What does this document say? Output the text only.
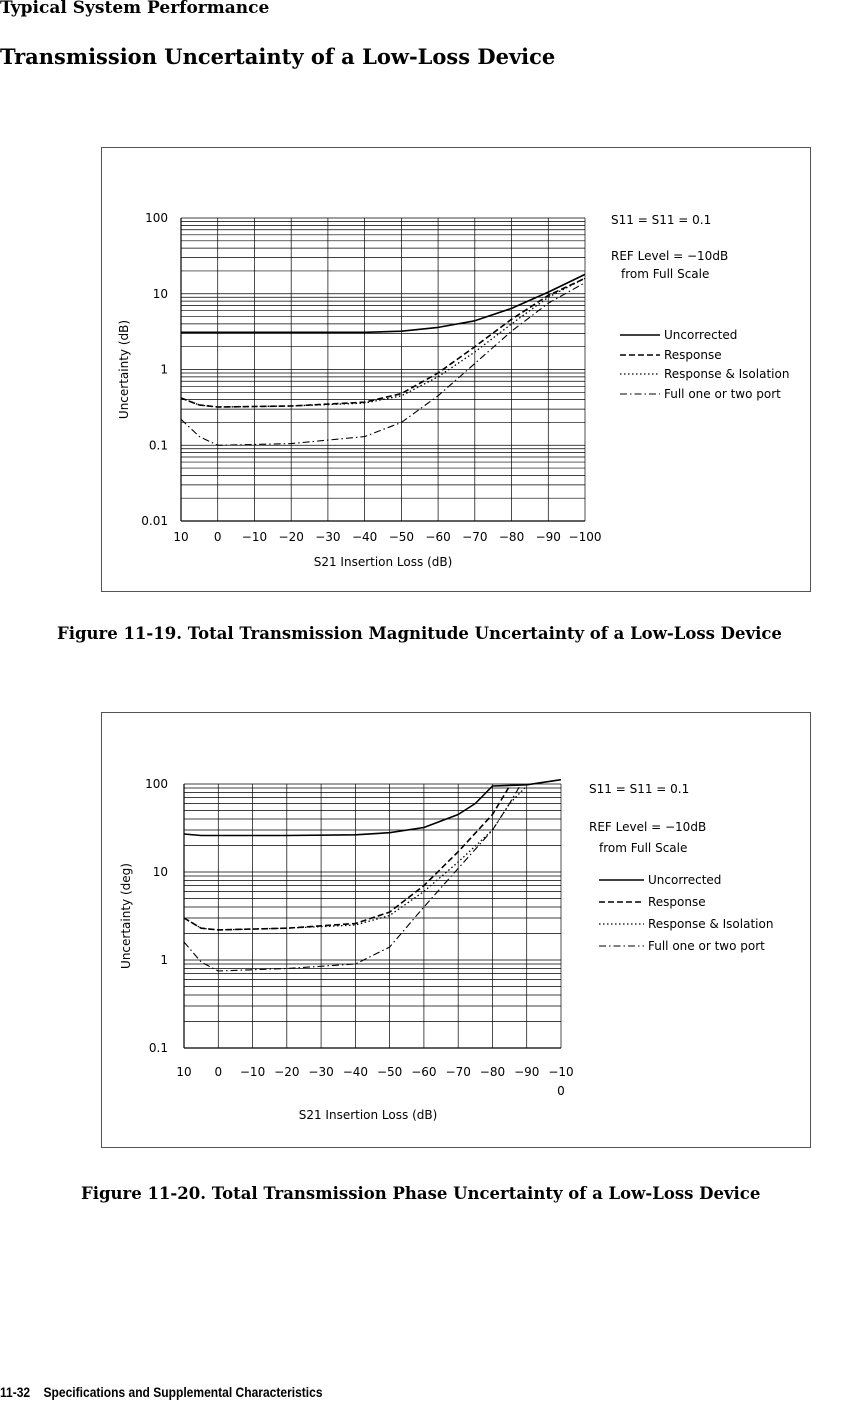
Typical System Performance
Transmission Uncertainty of a Low-Loss Device
100
10
1
0.1
0.01
10 0 −10 −20 −30 −40 −50 −60 −70 −80 −90 −100
S21 Insertion Loss (dB)
Uncertainty (dB)
S11 = S11 = 0.1
REF Level = −10dB
from Full Scale
Uncorrected
Response
Response & Isolation
Full one or two port
Figure 11-19. Total Transmission Magnitude Uncertainty of a Low-Loss Device
100
10
1
0.1
10 0 −10 −20 −30 −40 −50 −60 −70 −80 −90 −10
0
S21 Insertion Loss (dB)
Uncertainty (deg)
S11 = S11 = 0.1
REF Level = −10dB
from Full Scale
Uncorrected
Response
Response & Isolation
Full one or two port
Figure 11-20. Total Transmission Phase Uncertainty of a Low-Loss Device
11-32 Specifications and Supplemental Characteristics
